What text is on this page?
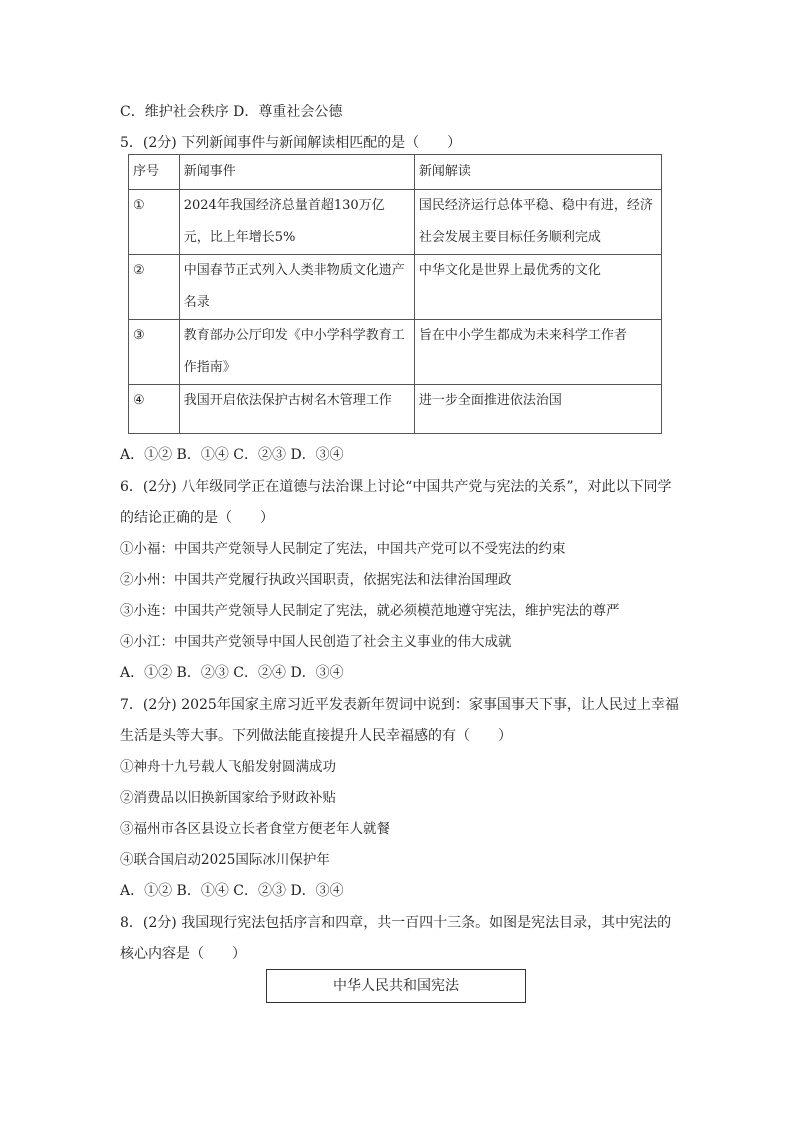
C．维护社会秩序 D．尊重社会公德
5．(2分) 下列新闻事件与新闻解读相匹配的是（　　）
序号	新闻事件	新闻解读
①	2024年我国经济总量首超130万亿元，比上年增长5%	国民经济运行总体平稳、稳中有进，经济社会发展主要目标任务顺利完成

②	中国春节正式列入人类非物质文化遗产名录	中华文化是世界上最优秀的文化

③	教育部办公厅印发《中小学科学教育工作指南》	旨在中小学生都成为未来科学工作者

④	我国开启依法保护古树名木管理工作	进一步全面推进依法治国
A．①② B．①④ C．②③ D．③④
6．(2分) 八年级同学正在道德与法治课上讨论“中国共产党与宪法的关系”，对此以下同学
的结论正确的是（　　）
①小福：中国共产党领导人民制定了宪法，中国共产党可以不受宪法的约束
②小州：中国共产党履行执政兴国职责，依据宪法和法律治国理政
③小连：中国共产党领导人民制定了宪法，就必须模范地遵守宪法，维护宪法的尊严
④小江：中国共产党领导中国人民创造了社会主义事业的伟大成就
A．①② B．②③ C．②④ D．③④
7．(2分) 2025年国家主席习近平发表新年贺词中说到：家事国事天下事，让人民过上幸福
生活是头等大事。下列做法能直接提升人民幸福感的有（　　）
①神舟十九号载人飞船发射圆满成功
②消费品以旧换新国家给予财政补贴
③福州市各区县设立长者食堂方便老年人就餐
④联合国启动2025国际冰川保护年
A．①② B．①④ C．②③ D．③④
8．(2分) 我国现行宪法包括序言和四章，共一百四十三条。如图是宪法目录，其中宪法的
核心内容是（　　）
中华人民共和国宪法
